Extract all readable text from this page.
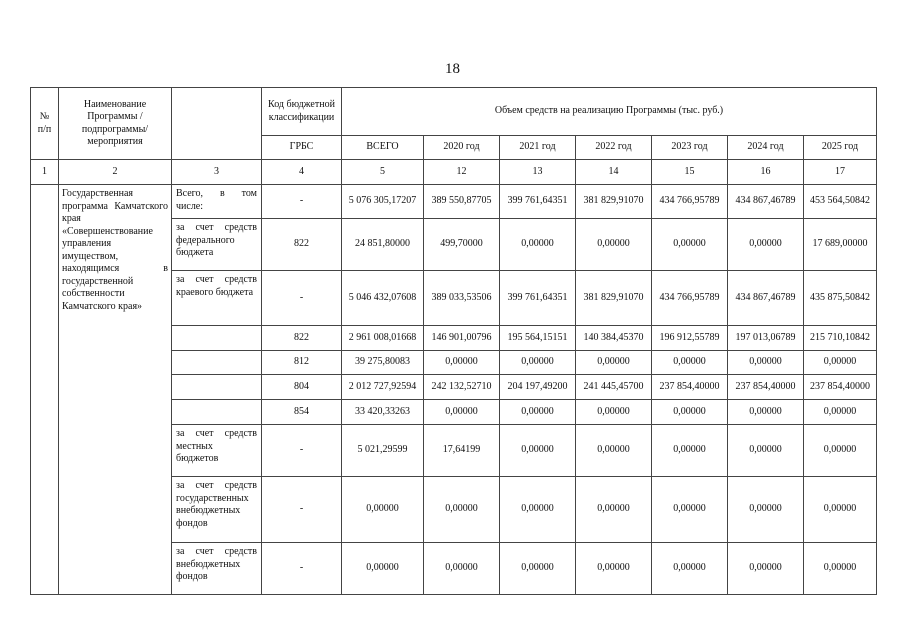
18
№
п/п	Наименование Программы /подпрограммы/ мероприятия		Код бюджетной классификации	Объем средств на реализацию Программы (тыс. руб.)						
			ГРБС	ВСЕГО	2020 год	2021 год	2022 год	2023 год	2024 год	2025 год
1	2	3	4	5	12	13	14	15	16	17
	Государственная программа Камчатского края «Совершенствование управления имуществом, находящимся в государственной собственности Камчатского края»	Всего, в том числе:	-	5 076 305,17207	389 550,87705	399 761,64351	381 829,91070	434 766,95789	434 867,46789	453 564,50842
		за счет средств федерального бюджета	822	24 851,80000	499,70000	0,00000	0,00000	0,00000	0,00000	17 689,00000
		за счет средств краевого бюджета	-	5 046 432,07608	389 033,53506	399 761,64351	381 829,91070	434 766,95789	434 867,46789	435 875,50842
			822	2 961 008,01668	146 901,00796	195 564,15151	140 384,45370	196 912,55789	197 013,06789	215 710,10842
			812	39 275,80083	0,00000	0,00000	0,00000	0,00000	0,00000	0,00000
			804	2 012 727,92594	242 132,52710	204 197,49200	241 445,45700	237 854,40000	237 854,40000	237 854,40000
			854	33 420,33263	0,00000	0,00000	0,00000	0,00000	0,00000	0,00000
		за счет средств местных бюджетов	-	5 021,29599	17,64199	0,00000	0,00000	0,00000	0,00000	0,00000
		за счет средств государственных внебюджетных фондов	-	0,00000	0,00000	0,00000	0,00000	0,00000	0,00000	0,00000
		за счет средств внебюджетных фондов	-	0,00000	0,00000	0,00000	0,00000	0,00000	0,00000	0,00000
